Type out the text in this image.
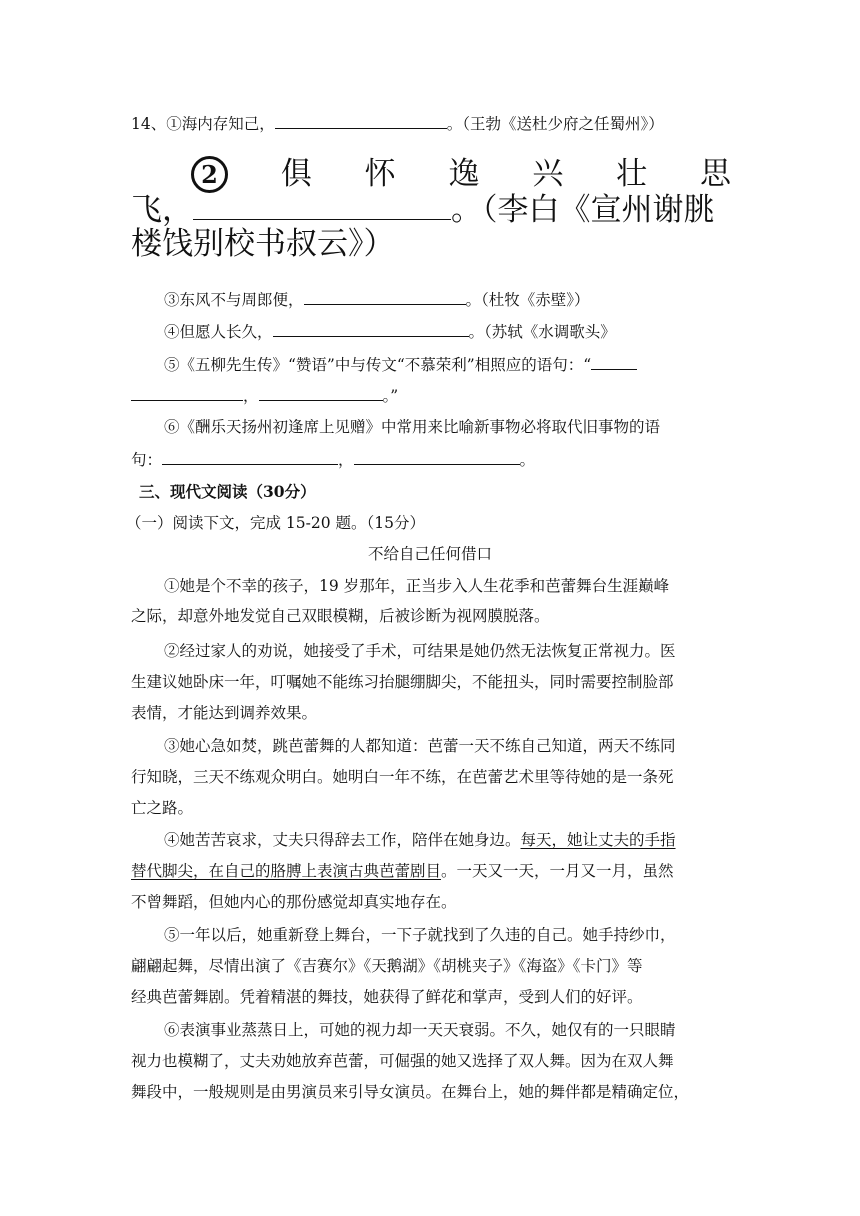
14、①海内存知己，	。（王勃《送杜少府之任蜀州》）
2	俱 怀 逸 兴 壮 思
飞，	。（李白《宣州谢朓
楼饯别校书叔云》）
③东风不与周郎便，	。（杜牧《赤壁》）
④但愿人长久，	。（苏轼《水调歌头》
⑤《五柳先生传》“赞语”中与传文“不慕荣利”相照应的语句：“
，	。”
⑥《酬乐天扬州初逢席上见赠》中常用来比喻新事物必将取代旧事物的语
句：	，	。
三、现代文阅读（30分）
（一）阅读下文，完成 15-20 题。（15分）
不给自己任何借口
①她是个不幸的孩子，19 岁那年，正当步入人生花季和芭蕾舞台生涯巅峰
之际，却意外地发觉自己双眼模糊，后被诊断为视网膜脱落。
②经过家人的劝说，她接受了手术，可结果是她仍然无法恢复正常视力。医
生建议她卧床一年，叮嘱她不能练习抬腿绷脚尖，不能扭头，同时需要控制脸部
表情，才能达到调养效果。
③她心急如焚，跳芭蕾舞的人都知道：芭蕾一天不练自己知道，两天不练同
行知晓，三天不练观众明白。她明白一年不练，在芭蕾艺术里等待她的是一条死
亡之路。
④她苦苦哀求，丈夫只得辞去工作，陪伴在她身边。每天，她让丈夫的手指
替代脚尖，在自己的胳膊上表演古典芭蕾剧目。一天又一天，一月又一月，虽然
不曾舞蹈，但她内心的那份感觉却真实地存在。
⑤一年以后，她重新登上舞台，一下子就找到了久违的自己。她手持纱巾，
翩翩起舞，尽情出演了《吉赛尔》《天鹅湖》《胡桃夹子》《海盗》《卡门》等
经典芭蕾舞剧。凭着精湛的舞技，她获得了鲜花和掌声，受到人们的好评。
⑥表演事业蒸蒸日上，可她的视力却一天天衰弱。不久，她仅有的一只眼睛
视力也模糊了，丈夫劝她放弃芭蕾，可倔强的她又选择了双人舞。因为在双人舞
舞段中，一般规则是由男演员来引导女演员。在舞台上，她的舞伴都是精确定位，
